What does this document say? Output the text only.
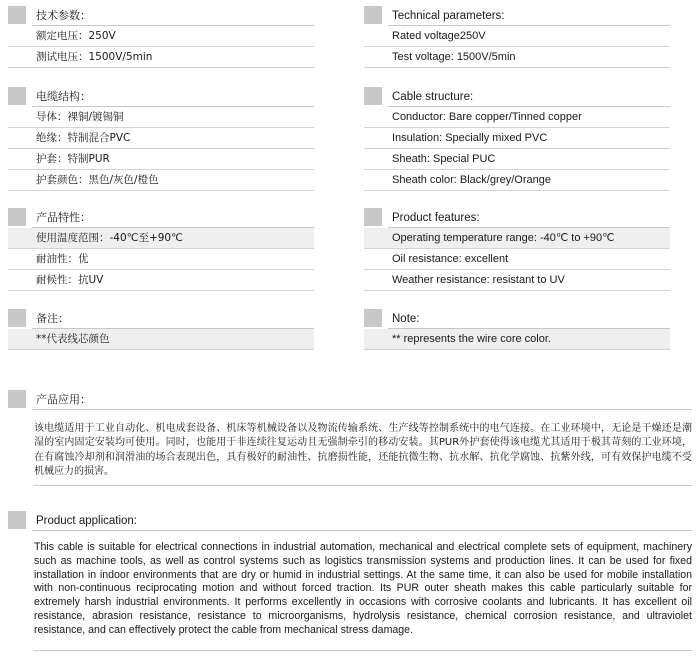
技术参数：
额定电压：250V
测试电压：1500V/5min
电缆结构：
导体：裸铜/镀锡铜
绝缘：特制混合PVC
护套：特制PUR
护套颜色：黑色/灰色/橙色
产品特性：
使用温度范围：-40℃至+90℃
耐油性：优
耐候性：抗UV
备注：
**代表线芯颜色
Technical parameters:
Rated voltage250V
Test voltage: 1500V/5min
Cable structure:
Conductor: Bare copper/Tinned copper
Insulation: Specially mixed PVC
Sheath: Special PUC
Sheath color: Black/grey/Orange
Product features:
Operating temperature range: -40℃ to +90℃
Oil resistance: excellent
Weather resistance: resistant to UV
Note:
** represents the wire core color.
产品应用：
该电缆适用于工业自动化、机电成套设备、机床等机械设备以及物流传输系统、生产线等控制系统中的电气连接。在工业环境中，无论是干燥还是潮湿的室内固定安装均可使用。同时，也能用于非连续往复运动且无强制牵引的移动安装。其PUR外护套使得该电缆尤其适用于极其苛刻的工业环境，在有腐蚀冷却剂和润滑油的场合表现出色，具有极好的耐油性、抗磨损性能，还能抗微生物、抗水解、抗化学腐蚀、抗紫外线，可有效保护电缆不受机械应力的损害。
Product application:
This cable is suitable for electrical connections in industrial automation, mechanical and electrical complete sets of equipment, machinery such as machine tools, as well as control systems such as logistics transmission systems and production lines. It can be used for fixed installation in indoor environments that are dry or humid in industrial settings. At the same time, it can also be used for mobile installation with non-continuous reciprocating motion and without forced traction. Its PUR outer sheath makes this cable particularly suitable for extremely harsh industrial environments. It performs excellently in occasions with corrosive coolants and lubricants. It has excellent oil resistance, abrasion resistance, resistance to microorganisms, hydrolysis resistance, chemical corrosion resistance, and ultraviolet resistance, and can effectively protect the cable from mechanical stress damage.
